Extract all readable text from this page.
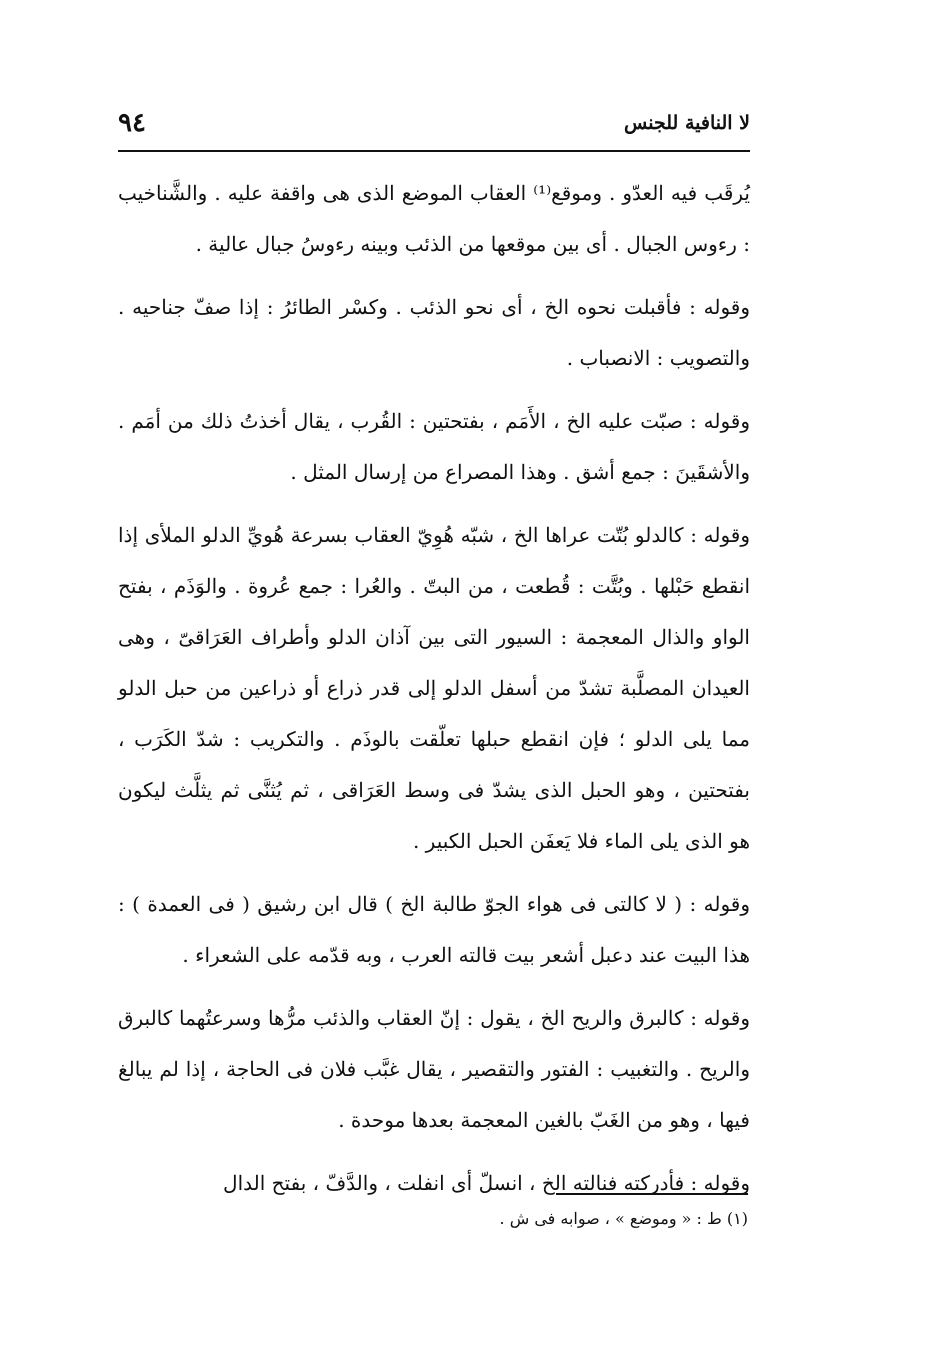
لا النافية للجنس
٩٤

يُرقَب فيه العدّو . وموقع⁽¹⁾ العقاب الموضع الذى هى واقفة عليه . والشَّناخيب : رءوس الجبال . أى بين موقعها من الذئب وبينه رءوسُ جبال عالية .

وقوله : فأقبلت نحوه الخ ، أى نحو الذئب . وكسْر الطائرُ : إذا صفّ جناحيه . والتصويب : الانصباب .

وقوله : صبّت عليه الخ ، الأَمَم ، بفتحتين : القُرب ، يقال أخذتُ ذلك من أمَم . والأشقَينَ : جمع أشق . وهذا المصراع من إرسال المثل .

وقوله : كالدلو بُتّت عراها الخ ، شبّه هُوِيّ العقاب بسرعة هُويِّ الدلو الملأى إذا انقطع حَبْلها . وبُتَّت : قُطعت ، من البتّ . والعُرا : جمع عُروة . والوَذَم ، بفتح الواو والذال المعجمة : السيور التى بين آذان الدلو وأطراف العَرَاقىّ ، وهى العيدان المصلَّبة تشدّ من أسفل الدلو إلى قدر ذراع أو ذراعين من حبل الدلو مما يلى الدلو ؛ فإن انقطع حبلها تعلّقت بالوذَم . والتكريب : شدّ الكَرَب ، بفتحتين ، وهو الحبل الذى يشدّ فى وسط العَرَاقى ، ثم يُثنَّى ثم يثلَّث ليكون هو الذى يلى الماء فلا يَعفَن الحبل الكبير .

وقوله : ( لا كالتى فى هواء الجوّ طالبة الخ ) قال ابن رشيق ( فى العمدة ) : هذا البيت عند دعبل أشعر بيت قالته العرب ، وبه قدّمه على الشعراء .

وقوله : كالبرق والريح الخ ، يقول : إنّ العقاب والذئب مرُّها وسرعتُهما كالبرق والريح . والتغبيب : الفتور والتقصير ، يقال غبَّب فلان فى الحاجة ، إذا لم يبالغ فيها ، وهو من الغَبّ بالغين المعجمة بعدها موحدة .

وقوله : فأدركته فنالته الخ ، انسلّ أى انفلت ، والدَّفّ ، بفتح الدال

(١) ط : « وموضع » ، صوابه فى ش .
